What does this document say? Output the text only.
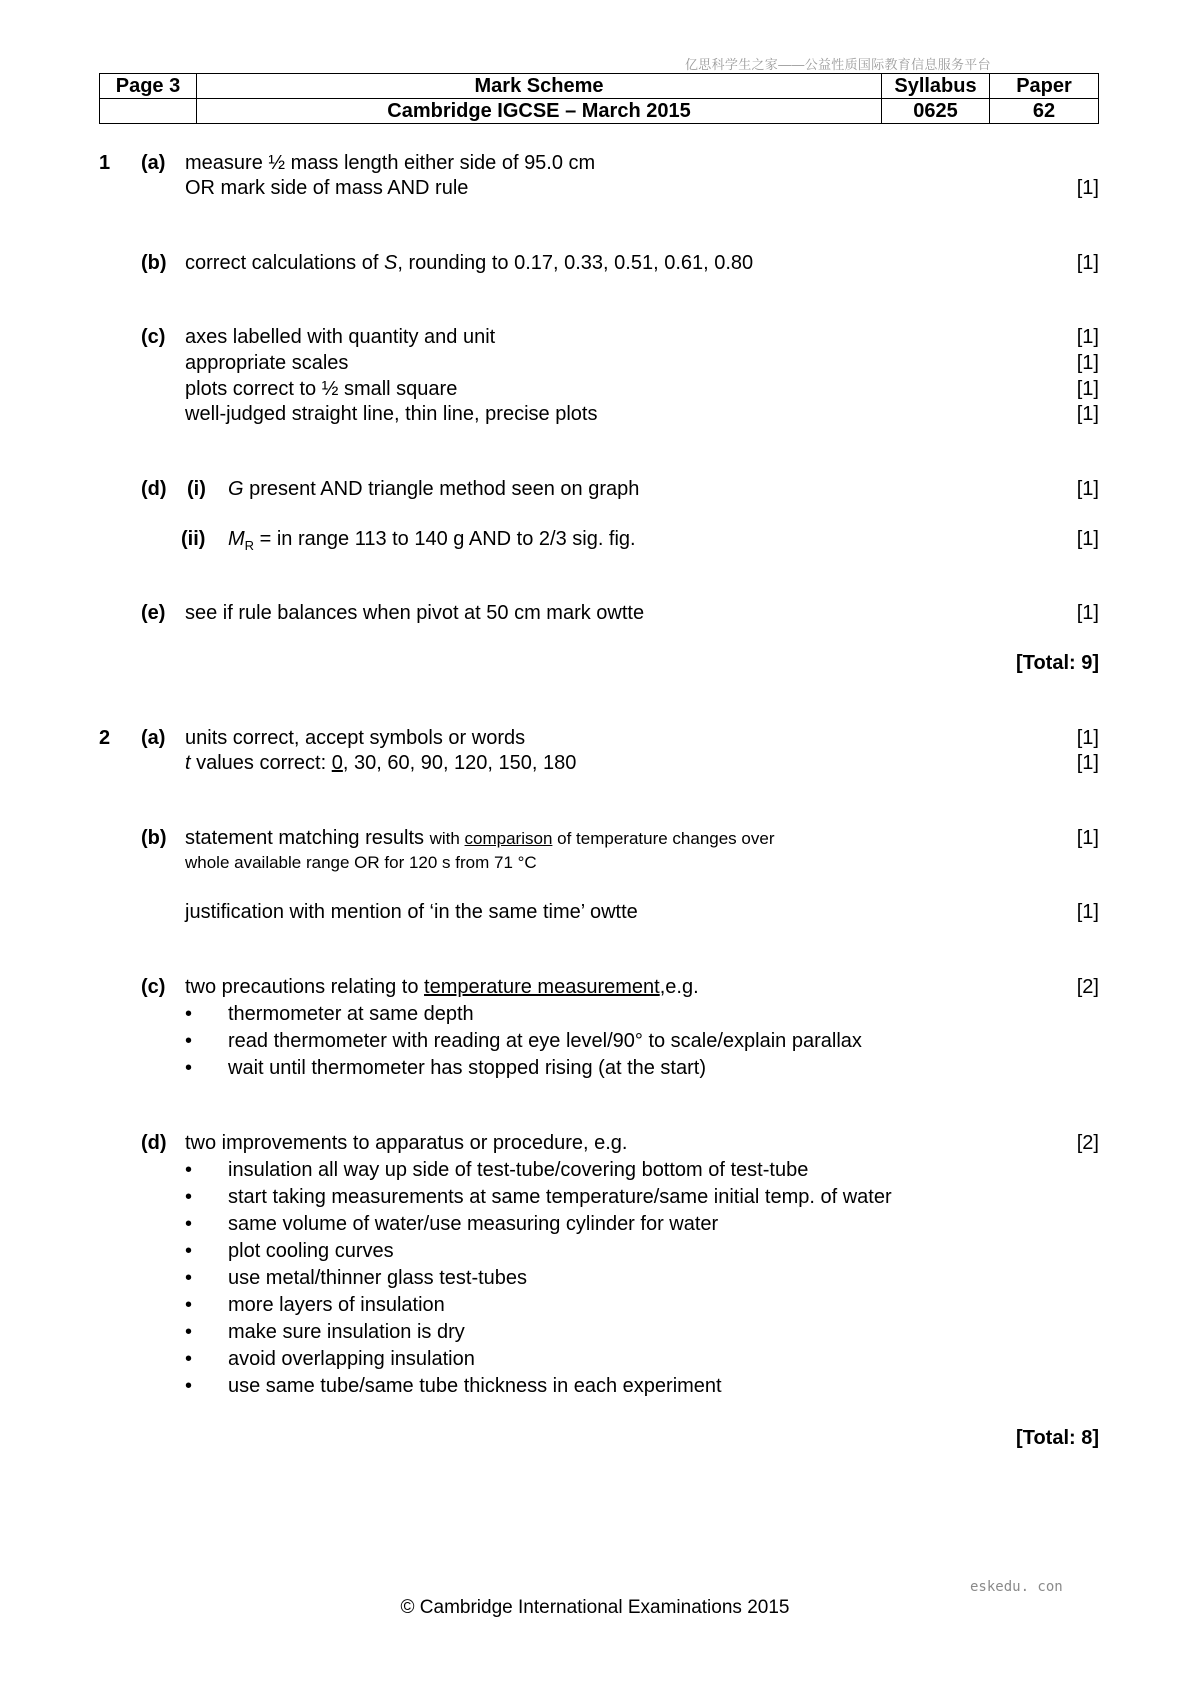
亿思科学生之家——公益性质国际教育信息服务平台
Page 3	Mark Scheme	Syllabus	Paper
	Cambridge IGCSE – March 2015	0625	62
1 (a) measure ½ mass length either side of 95.0 cm
OR mark side of mass AND rule	[1]
(b) correct calculations of S, rounding to 0.17, 0.33, 0.51, 0.61, 0.80	[1]
(c) axes labelled with quantity and unit	[1]
appropriate scales	[1]
plots correct to ½ small square	[1]
well-judged straight line, thin line, precise plots	[1]
(d) (i) G present AND triangle method seen on graph	[1]
(ii) $M_R$ = in range 113 to 140 g AND to 2/3 sig. fig.	[1]
(e) see if rule balances when pivot at 50 cm mark owtte	[1]
[Total: 9]
2 (a) units correct, accept symbols or words	[1]
t values correct: 0, 30, 60, 90, 120, 150, 180	[1]
(b) statement matching results with comparison of temperature changes over	[1]
whole available range OR for 120 s from 71 °C
justification with mention of ‘in the same time’ owtte	[1]
(c) two precautions relating to temperature measurement,e.g.	[2]
• thermometer at same depth
• read thermometer with reading at eye level/90° to scale/explain parallax
• wait until thermometer has stopped rising (at the start)
(d) two improvements to apparatus or procedure, e.g.	[2]
• insulation all way up side of test-tube/covering bottom of test-tube
• start taking measurements at same temperature/same initial temp. of water
• same volume of water/use measuring cylinder for water
• plot cooling curves
• use metal/thinner glass test-tubes
• more layers of insulation
• make sure insulation is dry
• avoid overlapping insulation
• use same tube/same tube thickness in each experiment
[Total: 8]
eskedu. con
© Cambridge International Examinations 2015
